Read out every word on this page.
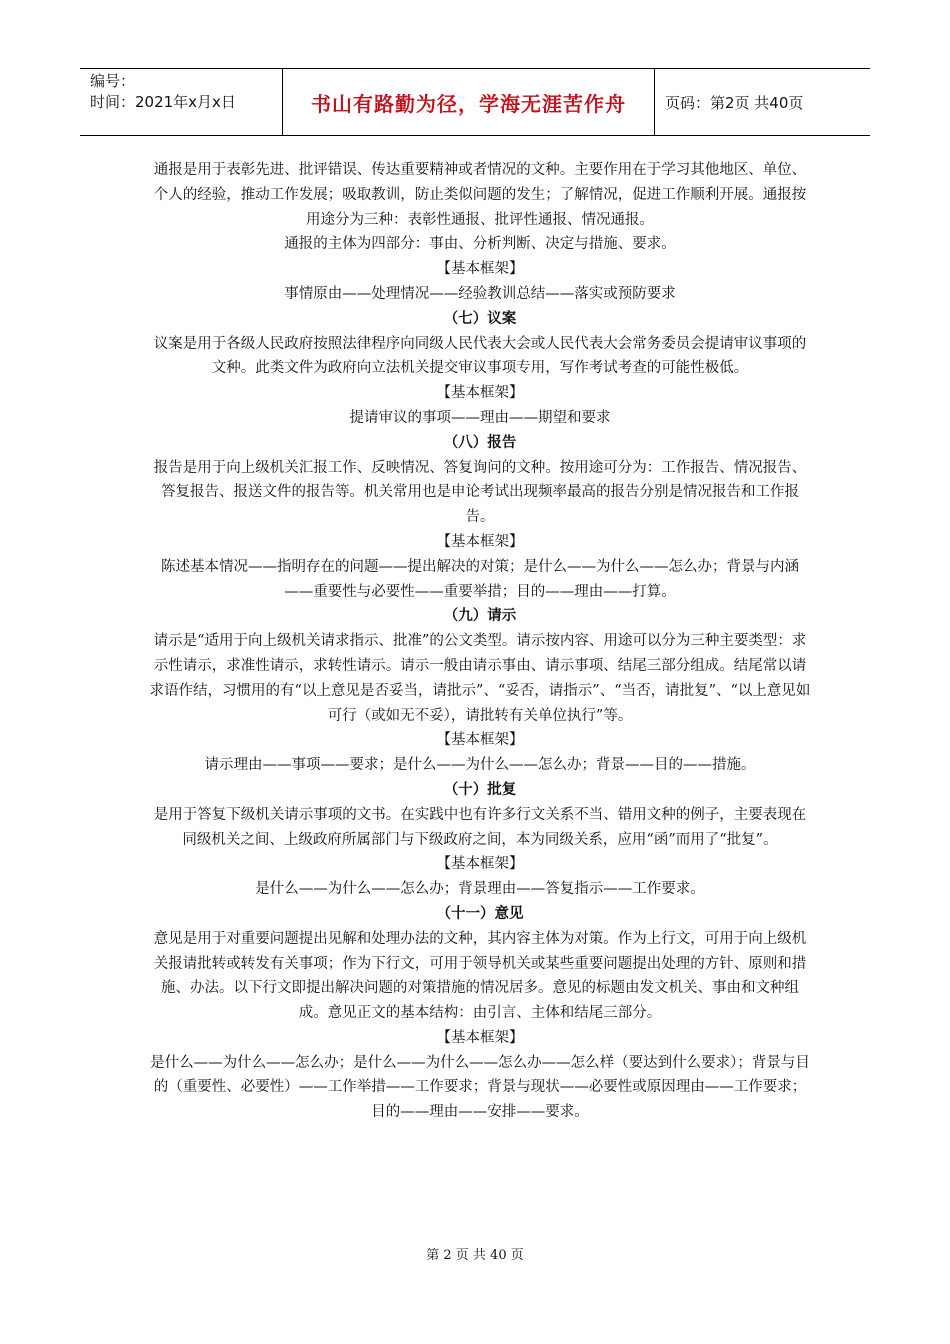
编号：
时间：2021年x月x日	书山有路勤为径，学海无涯苦作舟	页码：第2页 共40页

通报是用于表彰先进、批评错误、传达重要精神或者情况的文种。主要作用在于学习其他地区、单位、个人的经验，推动工作发展；吸取教训，防止类似问题的发生；了解情况，促进工作顺利开展。通报按用途分为三种：表彰性通报、批评性通报、情况通报。

通报的主体为四部分：事由、分析判断、决定与措施、要求。

【基本框架】

事情原由——处理情况——经验教训总结——落实或预防要求

（七）议案

议案是用于各级人民政府按照法律程序向同级人民代表大会或人民代表大会常务委员会提请审议事项的文种。此类文件为政府向立法机关提交审议事项专用，写作考试考查的可能性极低。

【基本框架】

提请审议的事项——理由——期望和要求

（八）报告

报告是用于向上级机关汇报工作、反映情况、答复询问的文种。按用途可分为：工作报告、情况报告、答复报告、报送文件的报告等。机关常用也是申论考试出现频率最高的报告分别是情况报告和工作报告。

【基本框架】

陈述基本情况——指明存在的问题——提出解决的对策；是什么——为什么——怎么办；背景与内涵——重要性与必要性——重要举措；目的——理由——打算。

（九）请示

请示是“适用于向上级机关请求指示、批准”的公文类型。请示按内容、用途可以分为三种主要类型：求示性请示，求准性请示，求转性请示。请示一般由请示事由、请示事项、结尾三部分组成。结尾常以请求语作结，习惯用的有“以上意见是否妥当，请批示”、“妥否，请指示”、“当否，请批复”、“以上意见如可行（或如无不妥），请批转有关单位执行”等。

【基本框架】

请示理由——事项——要求；是什么——为什么——怎么办；背景——目的——措施。

（十）批复

是用于答复下级机关请示事项的文书。在实践中也有许多行文关系不当、错用文种的例子，主要表现在同级机关之间、上级政府所属部门与下级政府之间，本为同级关系，应用“函”而用了“批复”。

【基本框架】

是什么——为什么——怎么办；背景理由——答复指示——工作要求。

（十一）意见

意见是用于对重要问题提出见解和处理办法的文种，其内容主体为对策。作为上行文，可用于向上级机关报请批转或转发有关事项；作为下行文，可用于领导机关或某些重要问题提出处理的方针、原则和措施、办法。以下行文即提出解决问题的对策措施的情况居多。意见的标题由发文机关、事由和文种组成。意见正文的基本结构：由引言、主体和结尾三部分。

【基本框架】

是什么——为什么——怎么办；是什么——为什么——怎么办——怎么样（要达到什么要求）；背景与目的（重要性、必要性）——工作举措——工作要求；背景与现状——必要性或原因理由——工作要求；目的——理由——安排——要求。

第 2 页 共 40 页
